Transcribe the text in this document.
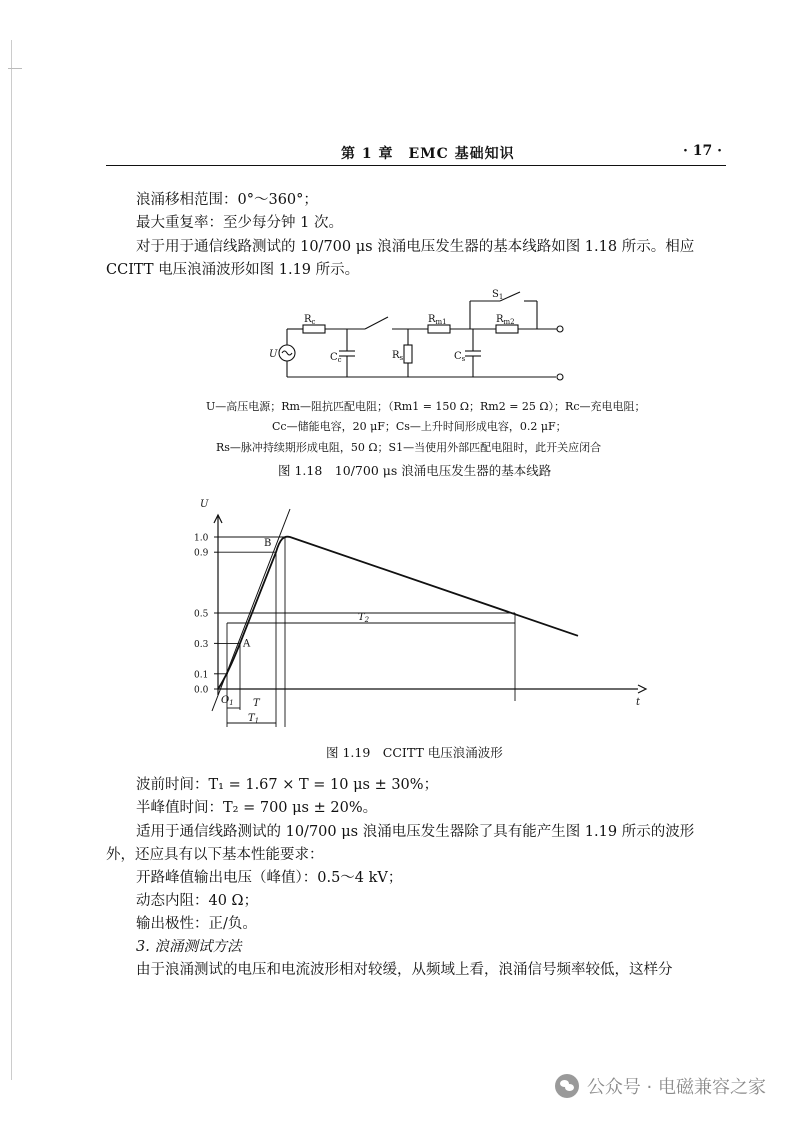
第 1 章　EMC 基础知识	· 17 ·
浪涌移相范围：0°～360°；
最大重复率：至少每分钟 1 次。
对于用于通信线路测试的 10/700 μs 浪涌电压发生器的基本线路如图 1.18 所示。相应
CCITT 电压浪涌波形如图 1.19 所示。
$R_c$
U	$C_c$	$R_s$
$R_{m1}$
$C_s$
$S_1$
$R_{m2}$
U—高压电源；Rm—阻抗匹配电阻；（Rm1 = 150 Ω；Rm2 = 25 Ω）；Rc—充电电阻；
Cc—储能电容，20 μF；Cs—上升时间形成电容，0.2 μF；
Rs—脉冲持续期形成电阻，50 Ω；S1—当使用外部匹配电阻时，此开关应闭合
图 1.18　10/700 μs 浪涌电压发生器的基本线路
U
t
1.0
0.9
0.5
0.3
0.1
0.0
A
B
$O_1$ T
$T_1$
$T_2$
图 1.19　CCITT 电压浪涌波形
波前时间：T₁ = 1.67 × T = 10 μs ± 30%；
半峰值时间：T₂ = 700 μs ± 20%。
适用于通信线路测试的 10/700 μs 浪涌电压发生器除了具有能产生图 1.19 所示的波形
外，还应具有以下基本性能要求：
开路峰值输出电压（峰值）：0.5～4 kV；
动态内阻：40 Ω；
输出极性：正/负。
3. 浪涌测试方法
由于浪涌测试的电压和电流波形相对较缓，从频域上看，浪涌信号频率较低，这样分
公众号 · 电磁兼容之家
